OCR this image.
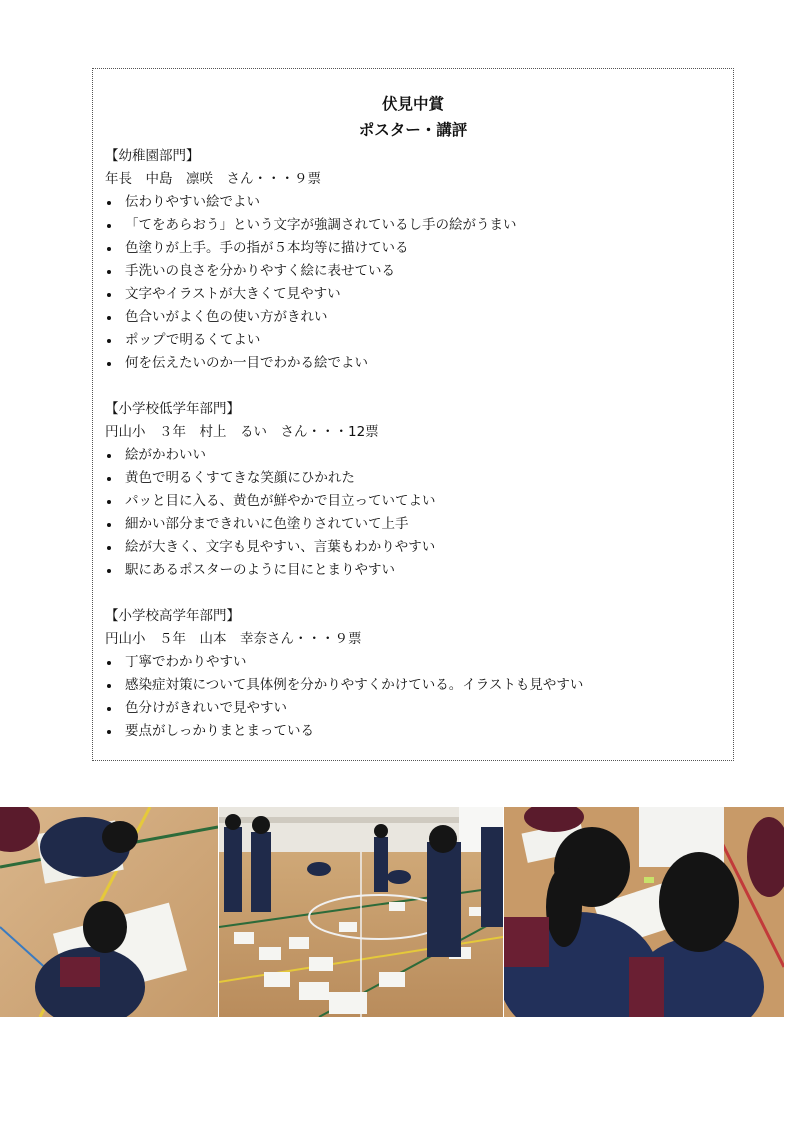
伏見中賞
ポスター・講評
【幼稚園部門】
年長　中島　凛咲　さん・・・９票
伝わりやすい絵でよい
「てをあらおう」という文字が強調されているし手の絵がうまい
色塗りが上手。手の指が５本均等に描けている
手洗いの良さを分かりやすく絵に表せている
文字やイラストが大きくて見やすい
色合いがよく色の使い方がきれい
ポップで明るくてよい
何を伝えたいのか一目でわかる絵でよい
【小学校低学年部門】
円山小　３年　村上　るい　さん・・・12票
絵がかわいい
黄色で明るくすてきな笑顔にひかれた
パッと目に入る、黄色が鮮やかで目立っていてよい
細かい部分まできれいに色塗りされていて上手
絵が大きく、文字も見やすい、言葉もわかりやすい
駅にあるポスターのように目にとまりやすい
【小学校高学年部門】
円山小　５年　山本　幸奈さん・・・９票
丁寧でわかりやすい
感染症対策について具体例を分かりやすくかけている。イラストも見やすい
色分けがきれいで見やすい
要点がしっかりまとまっている
